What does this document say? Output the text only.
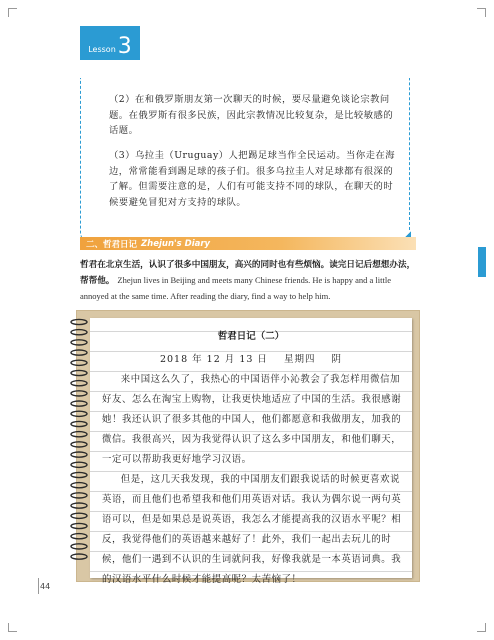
Lesson 3
（2）在和俄罗斯朋友第一次聊天的时候，要尽量避免谈论宗教问题。在俄罗斯有很多民族，因此宗教情况比较复杂，是比较敏感的话题。
（3）乌拉圭（Uruguay）人把踢足球当作全民运动。当你走在海边，常常能看到踢足球的孩子们。很多乌拉圭人对足球都有很深的了解。但需要注意的是，人们有可能支持不同的球队，在聊天的时候要避免冒犯对方支持的球队。
二、哲君日记 Zhejun's Diary
哲君在北京生活，认识了很多中国朋友，高兴的同时也有些烦恼。读完日记后想想办法，帮帮他。 Zhejun lives in Beijing and meets many Chinese friends. He is happy and a little annoyed at the same time. After reading the diary, find a way to help him.
哲君日记（二）
2018 年 12 月 13 日 星期四 阴
来中国这么久了，我热心的中国语伴小沁教会了我怎样用微信加好友、怎么在淘宝上购物，让我更快地适应了中国的生活。我很感谢她！我还认识了很多其他的中国人，他们都愿意和我做朋友，加我的微信。我很高兴，因为我觉得认识了这么多中国朋友，和他们聊天，一定可以帮助我更好地学习汉语。
但是，这几天我发现，我的中国朋友们跟我说话的时候更喜欢说英语，而且他们也希望我和他们用英语对话。我认为偶尔说一两句英语可以，但是如果总是说英语，我怎么才能提高我的汉语水平呢？相反，我觉得他们的英语越来越好了！此外，我们一起出去玩儿的时候，他们一遇到不认识的生词就问我，好像我就是一本英语词典。我的汉语水平什么时候才能提高呢？太苦恼了！
44
